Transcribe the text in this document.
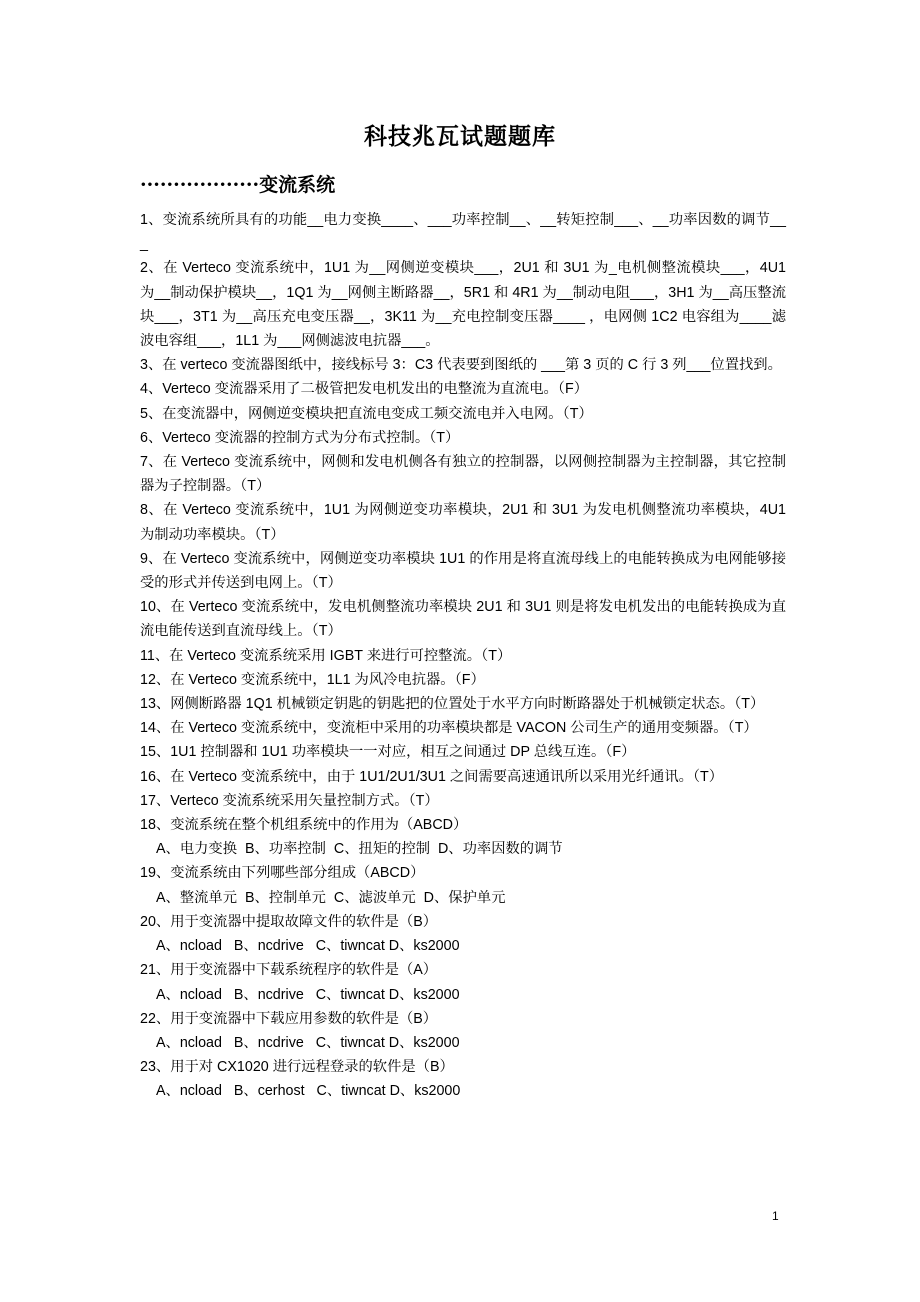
科技兆瓦试题题库
··················变流系统

1、变流系统所具有的功能__电力变换____、___功率控制__、__转矩控制___、__功率因数的调节___

2、在 Verteco 变流系统中，1U1 为__网侧逆变模块___，2U1 和 3U1 为_电机侧整流模块___，4U1 为__制动保护模块__，1Q1 为__网侧主断路器__，5R1 和 4R1 为__制动电阻___，3H1 为__高压整流块___，3T1 为__高压充电变压器__，3K11 为__充电控制变压器____ ，电网侧 1C2 电容组为____滤波电容组___，1L1 为___网侧滤波电抗器___。

3、在 verteco 变流器图纸中，接线标号 3：C3 代表要到图纸的 ___第 3 页的 C 行 3 列___位置找到。

4、Verteco 变流器采用了二极管把发电机发出的电整流为直流电。（F）

5、在变流器中，网侧逆变模块把直流电变成工频交流电并入电网。（T）

6、Verteco 变流器的控制方式为分布式控制。（T）

7、在 Verteco 变流系统中，网侧和发电机侧各有独立的控制器，以网侧控制器为主控制器，其它控制器为子控制器。（T）

8、在 Verteco 变流系统中，1U1 为网侧逆变功率模块，2U1 和 3U1 为发电机侧整流功率模块，4U1 为制动功率模块。（T）

9、在 Verteco 变流系统中，网侧逆变功率模块 1U1 的作用是将直流母线上的电能转换成为电网能够接受的形式并传送到电网上。（T）

10、在 Verteco 变流系统中，发电机侧整流功率模块 2U1 和 3U1 则是将发电机发出的电能转换成为直流电能传送到直流母线上。（T）

11、在 Verteco 变流系统采用 IGBT 来进行可控整流。（T）

12、在 Verteco 变流系统中，1L1 为风冷电抗器。（F）

13、网侧断路器 1Q1 机械锁定钥匙的钥匙把的位置处于水平方向时断路器处于机械锁定状态。（T）

14、在 Verteco 变流系统中，变流柜中采用的功率模块都是 VACON 公司生产的通用变频器。（T）

15、1U1 控制器和 1U1 功率模块一一对应，相互之间通过 DP 总线互连。（F）

16、在 Verteco 变流系统中，由于 1U1/2U1/3U1 之间需要高速通讯所以采用光纤通讯。（T）

17、Verteco 变流系统采用矢量控制方式。（T）

18、变流系统在整个机组系统中的作用为（ABCD）

A、电力变换  B、功率控制  C、扭矩的控制  D、功率因数的调节

19、变流系统由下列哪些部分组成（ABCD）

A、整流单元  B、控制单元  C、滤波单元  D、保护单元

20、用于变流器中提取故障文件的软件是（B）

A、ncload   B、ncdrive   C、tiwncat D、ks2000

21、用于变流器中下载系统程序的软件是（A）

A、ncload   B、ncdrive   C、tiwncat D、ks2000

22、用于变流器中下载应用参数的软件是（B）

A、ncload   B、ncdrive   C、tiwncat D、ks2000

23、用于对 CX1020 进行远程登录的软件是（B）

A、ncload   B、cerhost   C、tiwncat D、ks2000

1
